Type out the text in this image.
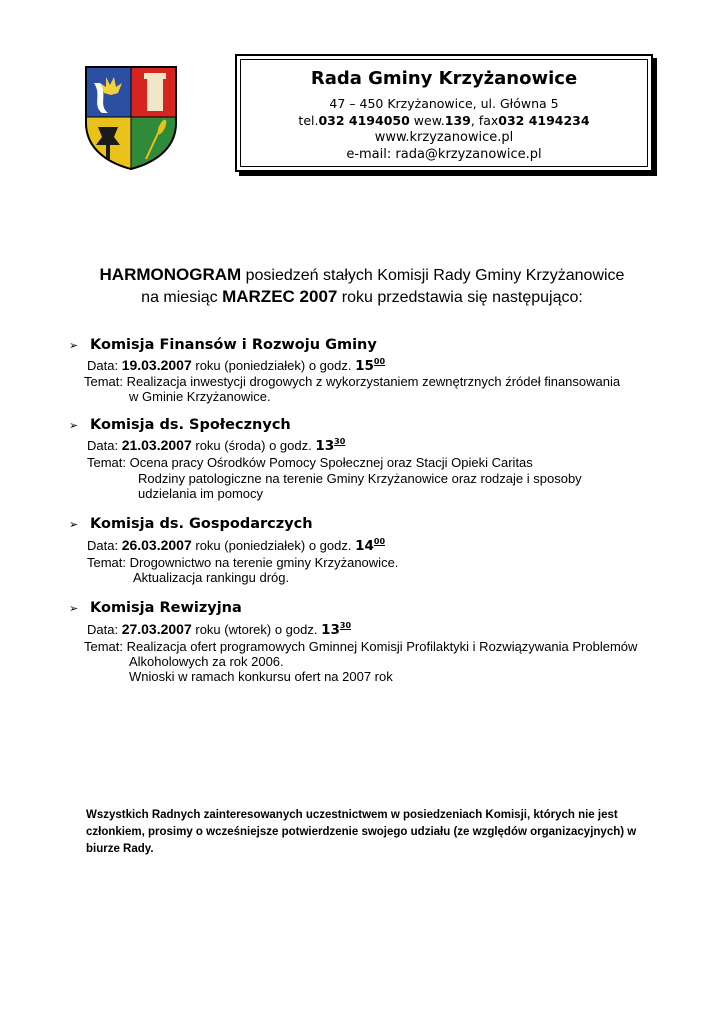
Rada Gminy Krzyżanowice
47 – 450 Krzyżanowice, ul. Główna 5
tel.032 4194050 wew.139, fax032 4194234
www.krzyzanowice.pl
e-mail: rada@krzyzanowice.pl
HARMONOGRAM posiedzeń stałych Komisji Rady Gminy Krzyżanowice
na miesiąc MARZEC 2007 roku przedstawia się następująco:
➢ Komisja Finansów i Rozwoju Gminy
Data: 19.03.2007 roku (poniedziałek) o godz. $15^{00}$
Temat: Realizacja inwestycji drogowych z wykorzystaniem zewnętrznych źródeł finansowania
w Gminie Krzyżanowice.
➢ Komisja ds. Społecznych
Data: 21.03.2007 roku (środa) o godz. $13^{30}$
Temat: Ocena pracy Ośrodków Pomocy Społecznej oraz Stacji Opieki Caritas
Rodziny patologiczne na terenie Gminy Krzyżanowice oraz rodzaje i sposoby
udzielania im pomocy
➢ Komisja ds. Gospodarczych
Data: 26.03.2007 roku (poniedziałek) o godz. $14^{00}$
Temat: Drogownictwo na terenie gminy Krzyżanowice.
Aktualizacja rankingu dróg.
➢ Komisja Rewizyjna
Data: 27.03.2007 roku (wtorek) o godz. $13^{30}$
Temat: Realizacja ofert programowych Gminnej Komisji Profilaktyki i Rozwiązywania Problemów
Alkoholowych za rok 2006.
Wnioski w ramach konkursu ofert na 2007 rok
Wszystkich Radnych zainteresowanych uczestnictwem w posiedzeniach Komisji, których nie jest członkiem, prosimy o wcześniejsze potwierdzenie swojego udziału (ze względów organizacyjnych) w biurze Rady.
